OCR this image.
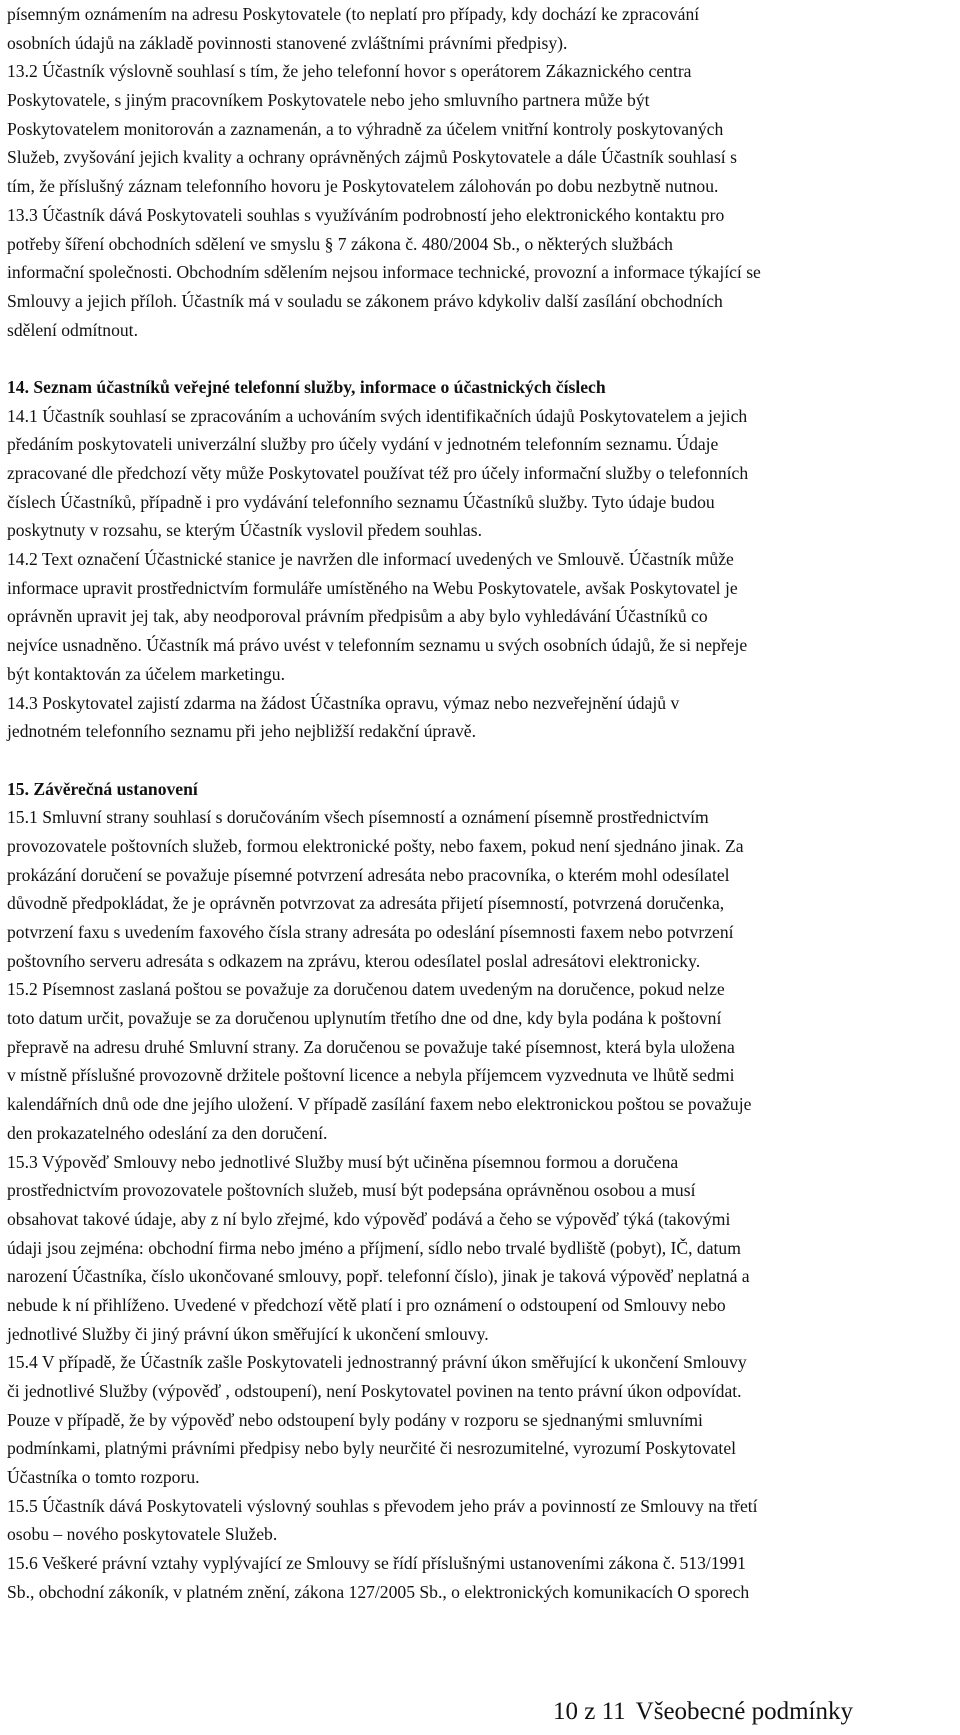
písemným oznámením na adresu Poskytovatele (to neplatí pro případy, kdy dochází ke zpracování
osobních údajů na základě povinnosti stanovené zvláštními právními předpisy).
13.2 Účastník výslovně souhlasí s tím, že jeho telefonní hovor s operátorem Zákaznického centra
Poskytovatele, s jiným pracovníkem Poskytovatele nebo jeho smluvního partnera může být
Poskytovatelem monitorován a zaznamenán, a to výhradně za účelem vnitřní kontroly poskytovaných
Služeb, zvyšování jejich kvality a ochrany oprávněných zájmů Poskytovatele a dále Účastník souhlasí s
tím, že příslušný záznam telefonního hovoru je Poskytovatelem zálohován po dobu nezbytně nutnou.
13.3 Účastník dává Poskytovateli souhlas s využíváním podrobností jeho elektronického kontaktu pro
potřeby šíření obchodních sdělení ve smyslu § 7 zákona č. 480/2004 Sb., o některých službách
informační společnosti. Obchodním sdělením nejsou informace technické, provozní a informace týkající se
Smlouvy a jejich příloh. Účastník má v souladu se zákonem právo kdykoliv další zasílání obchodních
sdělení odmítnout.
14. Seznam účastníků veřejné telefonní služby, informace o účastnických číslech
14.1 Účastník souhlasí se zpracováním a uchováním svých identifikačních údajů Poskytovatelem a jejich
předáním poskytovateli univerzální služby pro účely vydání v jednotném telefonním seznamu. Údaje
zpracované dle předchozí věty může Poskytovatel používat též pro účely informační služby o telefonních
číslech Účastníků, případně i pro vydávání telefonního seznamu Účastníků služby. Tyto údaje budou
poskytnuty v rozsahu, se kterým Účastník vyslovil předem souhlas.
14.2 Text označení Účastnické stanice je navržen dle informací uvedených ve Smlouvě. Účastník může
informace upravit prostřednictvím formuláře umístěného na Webu Poskytovatele, avšak Poskytovatel je
oprávněn upravit jej tak, aby neodporoval právním předpisům a aby bylo vyhledávání Účastníků co
nejvíce usnadněno. Účastník má právo uvést v telefonním seznamu u svých osobních údajů, že si nepřeje
být kontaktován za účelem marketingu.
14.3 Poskytovatel zajistí zdarma na žádost Účastníka opravu, výmaz nebo nezveřejnění údajů v
jednotném telefonního seznamu při jeho nejbližší redakční úpravě.
15. Závěrečná ustanovení
15.1 Smluvní strany souhlasí s doručováním všech písemností a oznámení písemně prostřednictvím
provozovatele poštovních služeb, formou elektronické pošty, nebo faxem, pokud není sjednáno jinak. Za
prokázání doručení se považuje písemné potvrzení adresáta nebo pracovníka, o kterém mohl odesílatel
důvodně předpokládat, že je oprávněn potvrzovat za adresáta přijetí písemností, potvrzená doručenka,
potvrzení faxu s uvedením faxového čísla strany adresáta po odeslání písemnosti faxem nebo potvrzení
poštovního serveru adresáta s odkazem na zprávu, kterou odesílatel poslal adresátovi elektronicky.
15.2 Písemnost zaslaná poštou se považuje za doručenou datem uvedeným na doručence, pokud nelze
toto datum určit, považuje se za doručenou uplynutím třetího dne od dne, kdy byla podána k poštovní
přepravě na adresu druhé Smluvní strany. Za doručenou se považuje také písemnost, která byla uložena
v místně příslušné provozovně držitele poštovní licence a nebyla příjemcem vyzvednuta ve lhůtě sedmi
kalendářních dnů ode dne jejího uložení. V případě zasílání faxem nebo elektronickou poštou se považuje
den prokazatelného odeslání za den doručení.
15.3 Výpověď Smlouvy nebo jednotlivé Služby musí být učiněna písemnou formou a doručena
prostřednictvím provozovatele poštovních služeb, musí být podepsána oprávněnou osobou a musí
obsahovat takové údaje, aby z ní bylo zřejmé, kdo výpověď podává a čeho se výpověď týká (takovými
údaji jsou zejména: obchodní firma nebo jméno a příjmení, sídlo nebo trvalé bydliště (pobyt), IČ, datum
narození Účastníka, číslo ukončované smlouvy, popř. telefonní číslo), jinak je taková výpověď neplatná a
nebude k ní přihlíženo. Uvedené v předchozí větě platí i pro oznámení o odstoupení od Smlouvy nebo
jednotlivé Služby či jiný právní úkon směřující k ukončení smlouvy.
15.4 V případě, že Účastník zašle Poskytovateli jednostranný právní úkon směřující k ukončení Smlouvy
či jednotlivé Služby (výpověď , odstoupení), není Poskytovatel povinen na tento právní úkon odpovídat.
Pouze v případě, že by výpověď nebo odstoupení byly podány v rozporu se sjednanými smluvními
podmínkami, platnými právními předpisy nebo byly neurčité či nesrozumitelné, vyrozumí Poskytovatel
Účastníka o tomto rozporu.
15.5 Účastník dává Poskytovateli výslovný souhlas s převodem jeho práv a povinností ze Smlouvy na třetí
osobu – nového poskytovatele Služeb.
15.6 Veškeré právní vztahy vyplývající ze Smlouvy se řídí příslušnými ustanoveními zákona č. 513/1991
Sb., obchodní zákoník, v platném znění, zákona 127/2005 Sb., o elektronických komunikacích O sporech
10 z 11 Všeobecné podmínky
